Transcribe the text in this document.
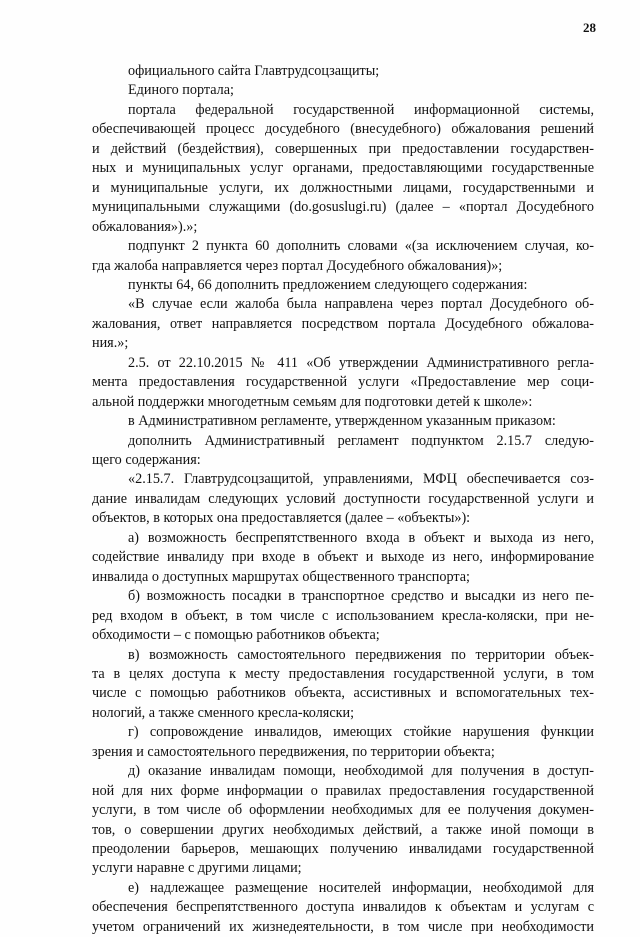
28
официального сайта Главтрудсоцзащиты;
Единого портала;
портала федеральной государственной информационной системы,
обеспечивающей процесс досудебного (внесудебного) обжалования решений
и действий (бездействия), совершенных при предоставлении государствен-
ных и муниципальных услуг органами, предоставляющими государственные
и муниципальные услуги, их должностными лицами, государственными и
муниципальными служащими (do.gosuslugi.ru) (далее – «портал Досудебного
обжалования»).»;
подпункт 2 пункта 60 дополнить словами «(за исключением случая, ко-
гда жалоба направляется через портал Досудебного обжалования)»;
пункты 64, 66 дополнить предложением следующего содержания:
«В случае если жалоба была направлена через портал Досудебного об-
жалования, ответ направляется посредством портала Досудебного обжалова-
ния.»;
2.5. от 22.10.2015 № 411 «Об утверждении Административного регла-
мента предоставления государственной услуги «Предоставление мер соци-
альной поддержки многодетным семьям для подготовки детей к школе»:
в Административном регламенте, утвержденном указанным приказом:
дополнить Административный регламент подпунктом 2.15.7 следую-
щего содержания:
«2.15.7. Главтрудсоцзащитой, управлениями, МФЦ обеспечивается соз-
дание инвалидам следующих условий доступности государственной услуги и
объектов, в которых она предоставляется (далее – «объекты»):
а) возможность беспрепятственного входа в объект и выхода из него,
содействие инвалиду при входе в объект и выходе из него, информирование
инвалида о доступных маршрутах общественного транспорта;
б) возможность посадки в транспортное средство и высадки из него пе-
ред входом в объект, в том числе с использованием кресла-коляски, при не-
обходимости – с помощью работников объекта;
в) возможность самостоятельного передвижения по территории объек-
та в целях доступа к месту предоставления государственной услуги, в том
числе с помощью работников объекта, ассистивных и вспомогательных тех-
нологий, а также сменного кресла-коляски;
г) сопровождение инвалидов, имеющих стойкие нарушения функции
зрения и самостоятельного передвижения, по территории объекта;
д) оказание инвалидам помощи, необходимой для получения в доступ-
ной для них форме информации о правилах предоставления государственной
услуги, в том числе об оформлении необходимых для ее получения докумен-
тов, о совершении других необходимых действий, а также иной помощи в
преодолении барьеров, мешающих получению инвалидами государственной
услуги наравне с другими лицами;
е) надлежащее размещение носителей информации, необходимой для
обеспечения беспрепятственного доступа инвалидов к объектам и услугам с
учетом ограничений их жизнедеятельности, в том числе при необходимости
